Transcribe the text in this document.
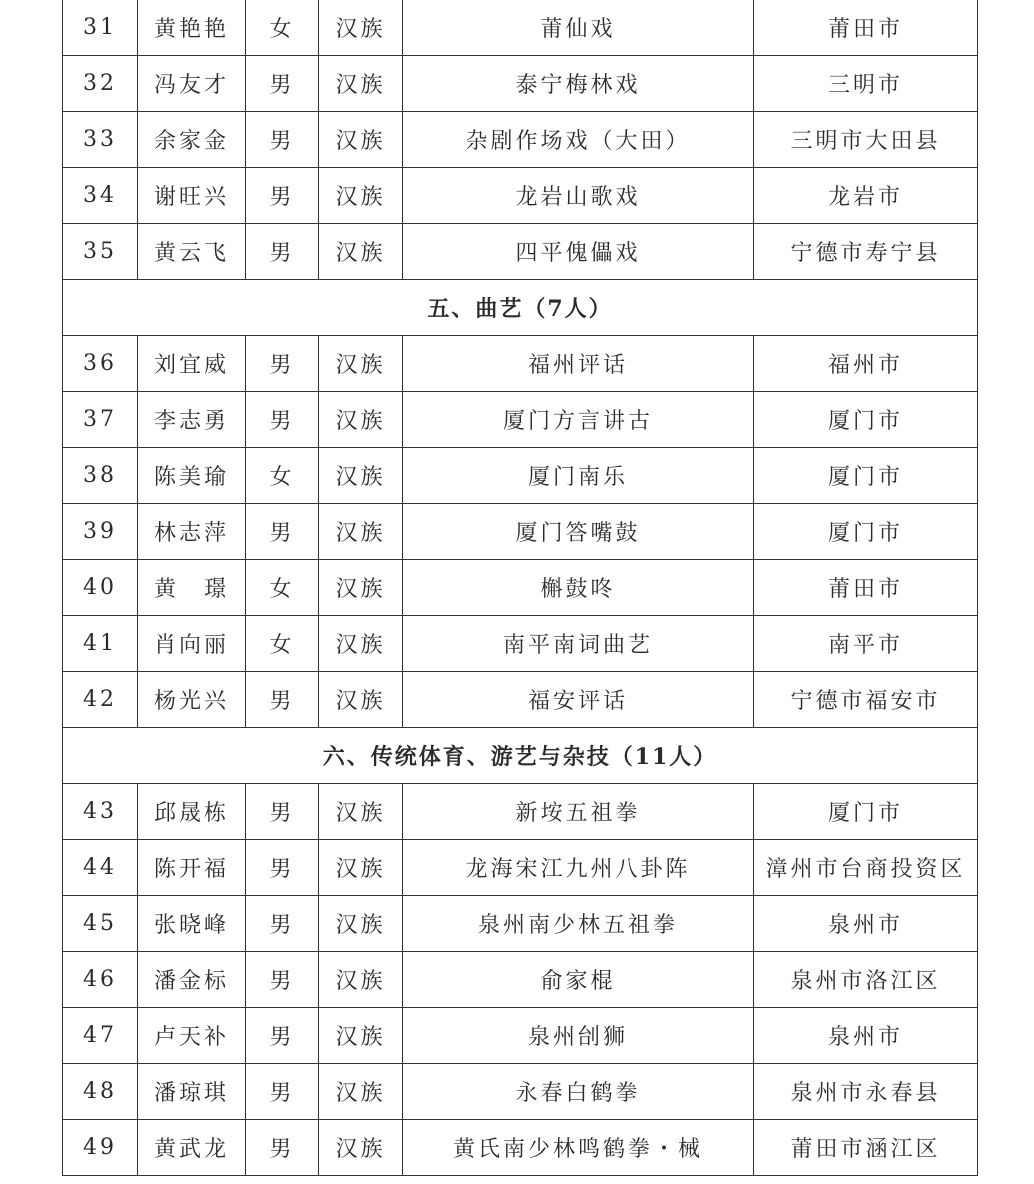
31	黄艳艳	女	汉族	莆仙戏	莆田市
32	冯友才	男	汉族	泰宁梅林戏	三明市
33	余家金	男	汉族	杂剧作场戏（大田）	三明市大田县
34	谢旺兴	男	汉族	龙岩山歌戏	龙岩市
35	黄云飞	男	汉族	四平傀儡戏	宁德市寿宁县
五、曲艺（7人）					
36	刘宜威	男	汉族	福州评话	福州市
37	李志勇	男	汉族	厦门方言讲古	厦门市
38	陈美瑜	女	汉族	厦门南乐	厦门市
39	林志萍	男	汉族	厦门答嘴鼓	厦门市
40	黄　璟	女	汉族	槲鼓咚	莆田市
41	肖向丽	女	汉族	南平南词曲艺	南平市
42	杨光兴	男	汉族	福安评话	宁德市福安市
六、传统体育、游艺与杂技（11人）					
43	邱晟栋	男	汉族	新垵五祖拳	厦门市
44	陈开福	男	汉族	龙海宋江九州八卦阵	漳州市台商投资区
45	张晓峰	男	汉族	泉州南少林五祖拳	泉州市
46	潘金标	男	汉族	俞家棍	泉州市洛江区
47	卢天补	男	汉族	泉州刣狮	泉州市
48	潘琼琪	男	汉族	永春白鹤拳	泉州市永春县
49	黄武龙	男	汉族	黄氏南少林鸣鹤拳・械	莆田市涵江区
